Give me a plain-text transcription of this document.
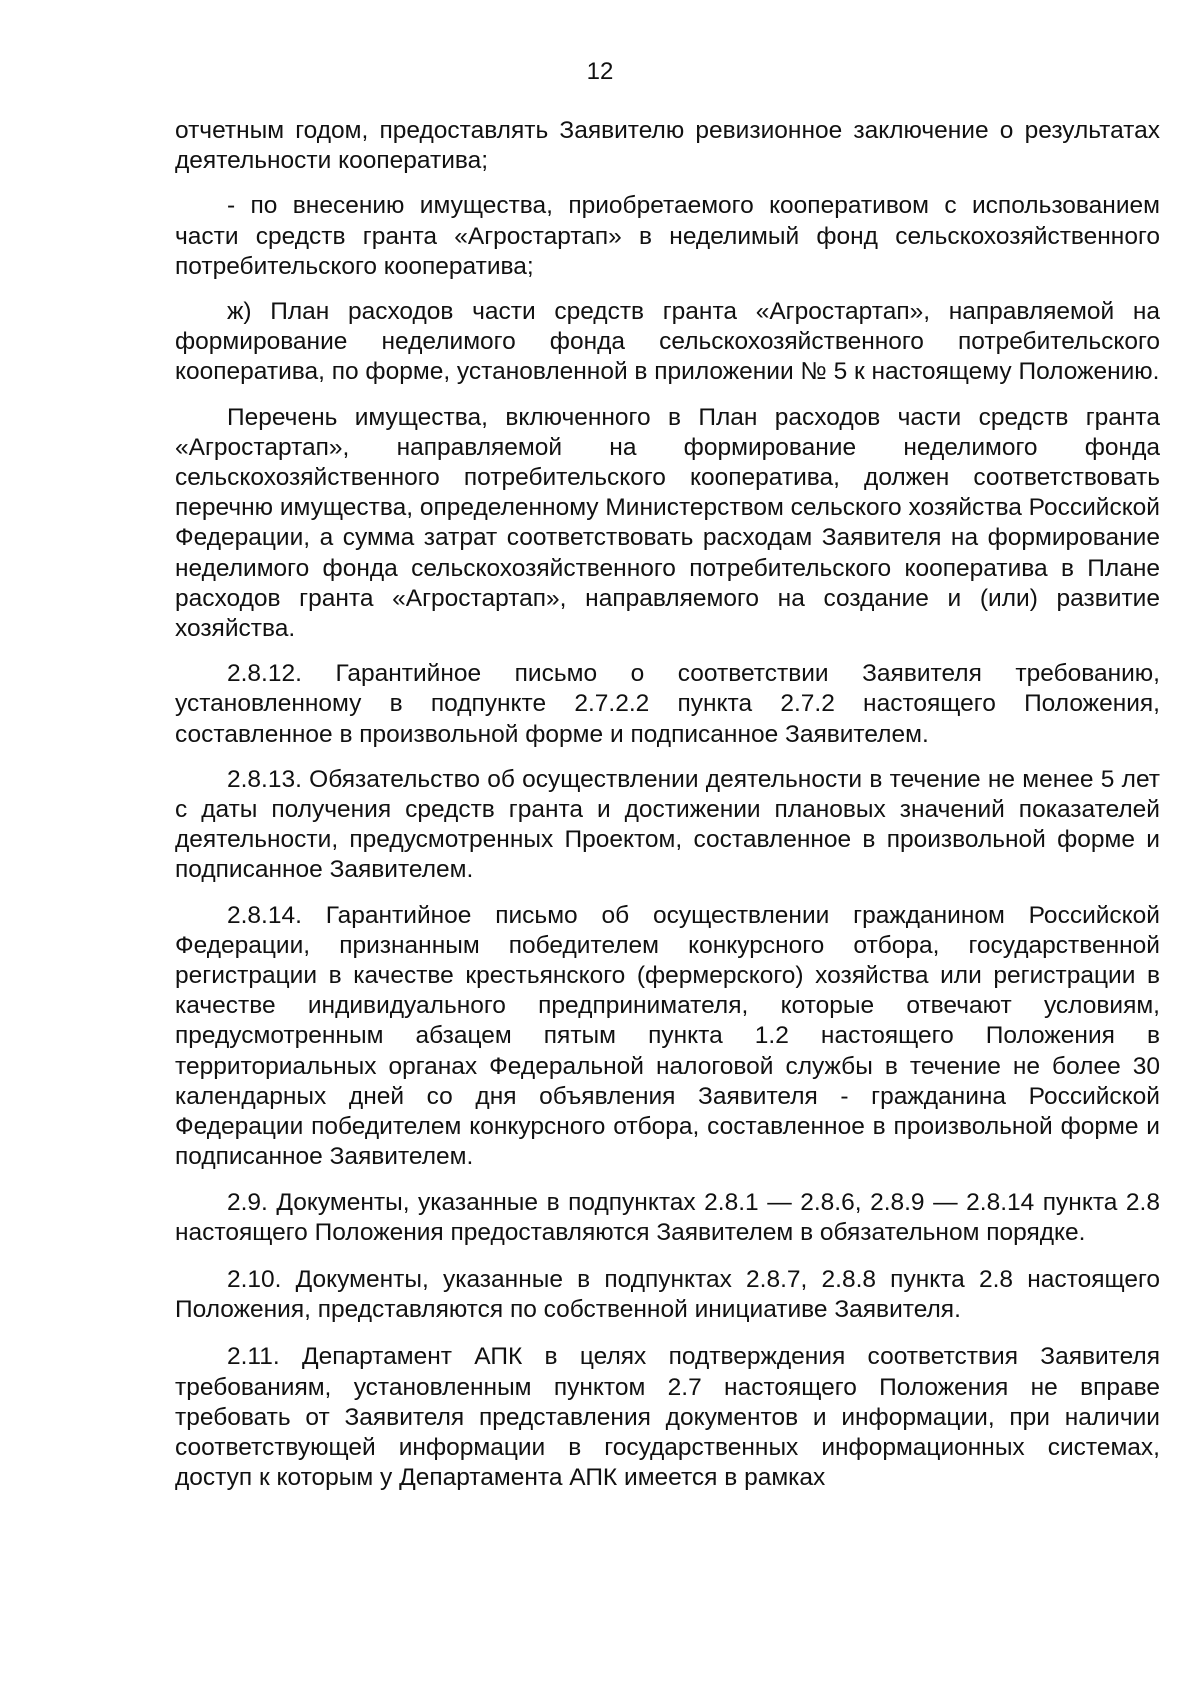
12

отчетным годом, предоставлять Заявителю ревизионное заключение о результатах деятельности кооператива;

- по внесению имущества, приобретаемого кооперативом с использованием части средств гранта «Агростартап» в неделимый фонд сельскохозяйственного потребительского кооператива;

ж) План расходов части средств гранта «Агростартап», направляемой на формирование неделимого фонда сельскохозяйственного потребительского кооператива, по форме, установленной в приложении № 5 к настоящему Положению.

Перечень имущества, включенного в План расходов части средств гранта «Агростартап», направляемой на формирование неделимого фонда сельскохозяйственного потребительского кооператива, должен соответствовать перечню имущества, определенному Министерством сельского хозяйства Российской Федерации, а сумма затрат соответствовать расходам Заявителя на формирование неделимого фонда сельскохозяйственного потребительского кооператива в Плане расходов гранта «Агростартап», направляемого на создание и (или) развитие хозяйства.

2.8.12. Гарантийное письмо о соответствии Заявителя требованию, установленному в подпункте 2.7.2.2 пункта 2.7.2 настоящего Положения, составленное в произвольной форме и подписанное Заявителем.

2.8.13. Обязательство об осуществлении деятельности в течение не менее 5 лет с даты получения средств гранта и достижении плановых значений показателей деятельности, предусмотренных Проектом, составленное в произвольной форме и подписанное Заявителем.

2.8.14. Гарантийное письмо об осуществлении гражданином Российской Федерации, признанным победителем конкурсного отбора, государственной регистрации в качестве крестьянского (фермерского) хозяйства или регистрации в качестве индивидуального предпринимателя, которые отвечают условиям, предусмотренным абзацем пятым пункта 1.2 настоящего Положения в территориальных органах Федеральной налоговой службы в течение не более 30 календарных дней со дня объявления Заявителя - гражданина Российской Федерации победителем конкурсного отбора, составленное в произвольной форме и подписанное Заявителем.

2.9. Документы, указанные в подпунктах 2.8.1 — 2.8.6, 2.8.9 — 2.8.14 пункта 2.8 настоящего Положения предоставляются Заявителем в обязательном порядке.

2.10. Документы, указанные в подпунктах 2.8.7, 2.8.8 пункта 2.8 настоящего Положения, представляются по собственной инициативе Заявителя.

2.11. Департамент АПК в целях подтверждения соответствия Заявителя требованиям, установленным пунктом 2.7 настоящего Положения не вправе требовать от Заявителя представления документов и информации, при наличии соответствующей информации в государственных информационных системах, доступ к которым у Департамента АПК имеется в рамках
